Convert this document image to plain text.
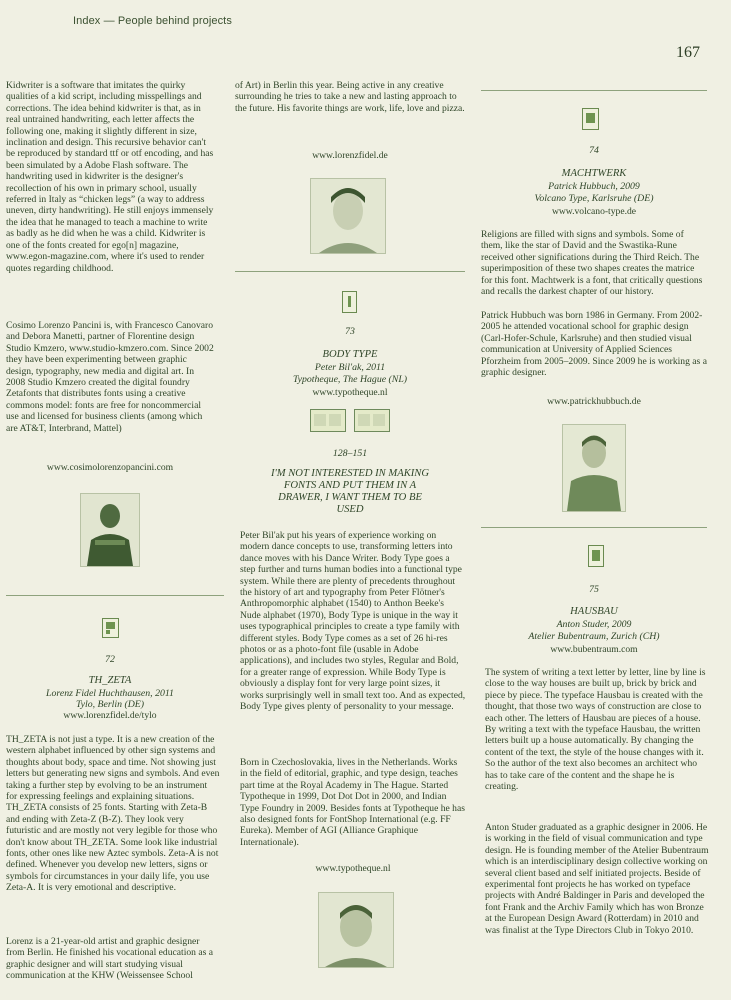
Index — People behind projects
167
Kidwriter is a software that imitates the quirky qualities of a kid script, including misspellings and corrections. The idea behind kidwriter is that, as in real untrained handwriting, each letter affects the following one, making it slightly different in size, inclination and design. This recursive behavior can't be reproduced by standard ttf or otf encoding, and has been simulated by a Adobe Flash software. The handwriting used in kidwriter is the designer's recollection of his own in primary school, usually referred in Italy as “chicken legs” (a way to address uneven, dirty handwriting). He still enjoys immensely the idea that he managed to teach a machine to write as badly as he did when he was a child. Kidwriter is one of the fonts created for ego[n] magazine, www.egon-magazine.com, where it's used to render quotes regarding childhood.
Cosimo Lorenzo Pancini is, with Francesco Canovaro and Debora Manetti, partner of Florentine design Studio Kmzero, www.studio-kmzero.com. Since 2002 they have been experimenting between graphic design, typography, new media and digital art. In 2008 Studio Kmzero created the digital foundry Zetafonts that distributes fonts using a creative commons model: fonts are free for noncommercial use and licensed for business clients (among which are AT&T, Interbrand, Mattel)
www.cosimolorenzopancini.com
72
TH_ZETA
Lorenz Fidel Huchthausen, 2011
Tylo, Berlin (DE)
www.lorenzfidel.de/tylo
TH_ZETA is not just a type. It is a new creation of the western alphabet influenced by other sign systems and thoughts about body, space and time. Not showing just letters but generating new signs and symbols. And even taking a further step by evolving to be an instrument for expressing feelings and explaining situations. TH_ZETA consists of 25 fonts. Starting with Zeta-B and ending with Zeta-Z (B-Z). They look very futuristic and are mostly not very legible for those who don't know about TH_ZETA. Some look like industrial fonts, other ones like new Aztec symbols. Zeta-A is not defined. Whenever you develop new letters, signs or symbols for circumstances in your daily life, you use Zeta-A. It is very emotional and descriptive.
Lorenz is a 21-year-old artist and graphic designer from Berlin. He finished his vocational education as a graphic designer and will start studying visual communication at the KHW (Weissensee School
of Art) in Berlin this year. Being active in any creative surrounding he tries to take a new and lasting approach to the future. His favorite things are work, life, love and pizza.
www.lorenzfidel.de
73
BODY TYPE
Peter Bil'ak, 2011
Typotheque, The Hague (NL)
www.typotheque.nl
128–151
I'M NOT INTERESTED IN MAKING FONTS AND PUT THEM IN A DRAWER, I WANT THEM TO BE USED
Peter Bil'ak put his years of experience working on modern dance concepts to use, transforming letters into dance moves with his Dance Writer. Body Type goes a step further and turns human bodies into a functional type system. While there are plenty of precedents throughout the history of art and typography from Peter Flötner's Anthropomorphic alphabet (1540) to Anthon Beeke's Nude alphabet (1970), Body Type is unique in the way it uses typographical principles to create a type family with different styles. Body Type comes as a set of 26 hi-res photos or as a photo-font file (usable in Adobe applications), and includes two styles, Regular and Bold, for a greater range of expression. While Body Type is obviously a display font for very large point sizes, it works surprisingly well in small text too. And as expected, Body Type gives plenty of personality to your message.
Born in Czechoslovakia, lives in the Netherlands. Works in the field of editorial, graphic, and type design, teaches part time at the Royal Academy in The Hague. Started Typotheque in 1999, Dot Dot Dot in 2000, and Indian Type Foundry in 2009. Besides fonts at Typotheque he has also designed fonts for FontShop International (e.g. FF Eureka). Member of AGI (Alliance Graphique Internationale).
www.typotheque.nl
74
MACHTWERK
Patrick Hubbuch, 2009
Volcano Type, Karlsruhe (DE)
www.volcano-type.de
Religions are filled with signs and symbols. Some of them, like the star of David and the Swastika-Rune received other significations during the Third Reich. The superimposition of these two shapes creates the matrice for this font. Machtwerk is a font, that critically questions and recalls the darkest chapter of our history.
Patrick Hubbuch was born 1986 in Germany. From 2002-2005 he attended vocational school for graphic design (Carl-Hofer-Schule, Karlsruhe) and then studied visual communication at University of Applied Sciences Pforzheim from 2005–2009. Since 2009 he is working as a graphic designer.
www.patrickhubbuch.de
75
HAUSBAU
Anton Studer, 2009
Atelier Bubentraum, Zurich (CH)
www.bubentraum.com
The system of writing a text letter by letter, line by line is close to the way houses are built up, brick by brick and piece by piece. The typeface Hausbau is created with the thought, that those two ways of construction are close to each other. The letters of Hausbau are pieces of a house. By writing a text with the typeface Hausbau, the written letters built up a house automatically. By changing the content of the text, the style of the house changes with it. So the author of the text also becomes an architect who has to take care of the content and the shape he is creating.
Anton Studer graduated as a graphic designer in 2006. He is working in the field of visual communication and type design. He is founding member of the Atelier Bubentraum which is an interdisciplinary design collective working on several client based and self initiated projects. Beside of experimental font projects he has worked on typeface projects with André Baldinger in Paris and developed the font Frank and the Archiv Family which has won Bronze at the European Design Award (Rotterdam) in 2010 and was finalist at the Type Directors Club in Tokyo 2010.
